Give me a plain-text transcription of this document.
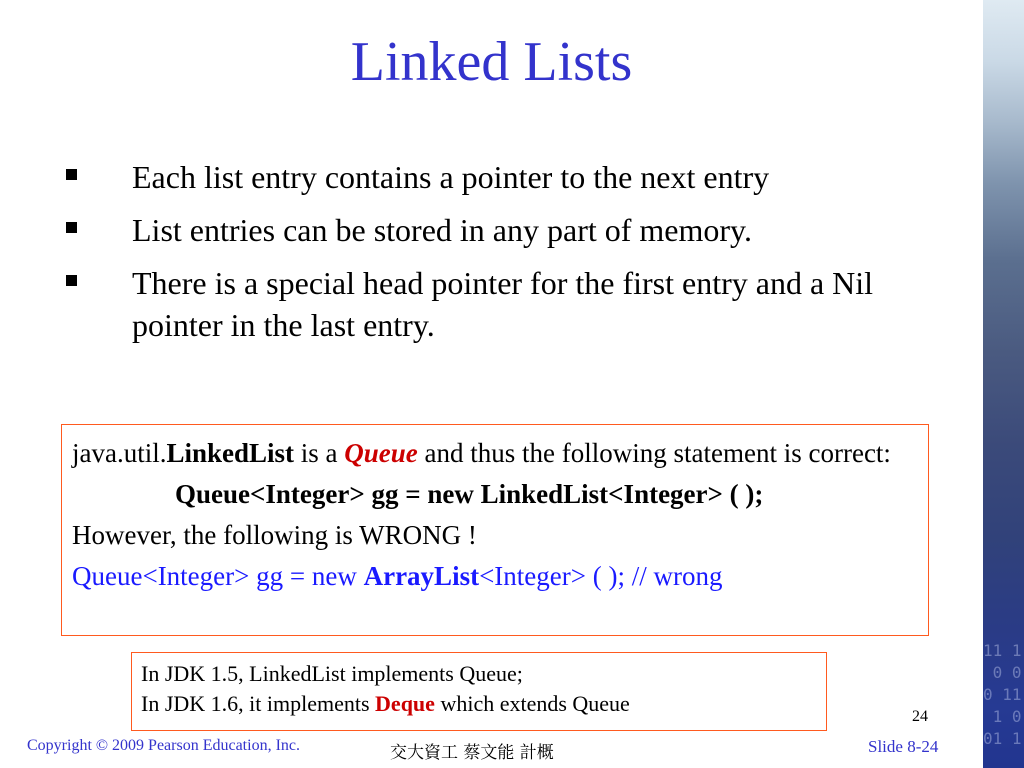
11 1
0 0
0 11
1 0
01 1
Linked Lists
Each list entry contains a pointer to the next entry
List entries can be stored in any part of memory.
There is a special head pointer for the first entry and a Nil pointer in the last entry.
java.util.LinkedList is a Queue and thus the following statement is correct:
Queue<Integer> gg = new LinkedList<Integer> ( );
However, the following is WRONG !
Queue<Integer> gg = new ArrayList<Integer> ( ); // wrong
In JDK 1.5, LinkedList implements Queue;
In JDK 1.6, it implements Deque which extends Queue
24
Copyright © 2009 Pearson Education, Inc.	交大資工 蔡文能 計概	Slide 8-24
